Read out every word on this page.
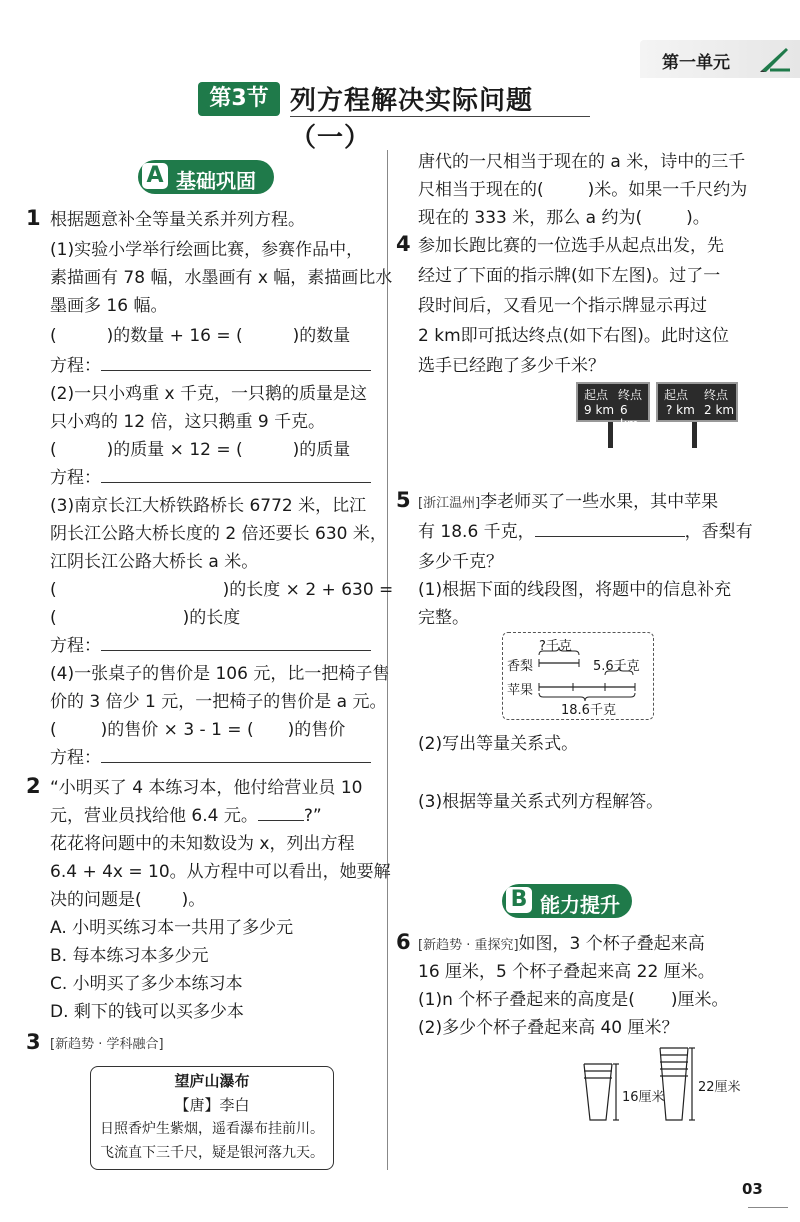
第一单元
第3节 列方程解决实际问题（一）
A 基础巩固
1 根据题意补全等量关系并列方程。
(1)实验小学举行绘画比赛，参赛作品中，
素描画有 78 幅，水墨画有 x 幅，素描画比水
墨画多 16 幅。
(	)的数量 + 16 = (	)的数量
方程：
(2)一只小鸡重 x 千克，一只鹅的质量是这
只小鸡的 12 倍，这只鹅重 9 千克。
(	)的质量 × 12 = (	)的质量
方程：
(3)南京长江大桥铁路桥长 6772 米，比江
阴长江公路大桥长度的 2 倍还要长 630 米，
江阴长江公路大桥长 a 米。
(	)的长度 × 2 + 630 =
(	)的长度
方程：
(4)一张桌子的售价是 106 元，比一把椅子售
价的 3 倍少 1 元，一把椅子的售价是 a 元。
(	)的售价 × 3 - 1 = ( )的售价
方程：
2 “小明买了 4 本练习本，他付给营业员 10
元，营业员找给他 6.4 元。	?”
花花将问题中的未知数设为 x，列出方程
6.4 + 4x = 10。从方程中可以看出，她要解
决的问题是( )。
A. 小明买练习本一共用了多少元
B. 每本练习本多少元
C. 小明买了多少本练习本
D. 剩下的钱可以买多少本
3 [新趋势 · 学科融合]
望庐山瀑布
【唐】李白
日照香炉生紫烟，遥看瀑布挂前川。
飞流直下三千尺，疑是银河落九天。
唐代的一尺相当于现在的 a 米，诗中的三千
尺相当于现在的(	)米。如果一千尺约为
现在的 333 米，那么 a 约为(	)。
4 参加长跑比赛的一位选手从起点出发，先
经过了下面的指示牌(如下左图)。过了一
段时间后，又看见一个指示牌显示再过
2 km即可抵达终点(如下右图)。此时这位
选手已经跑了多少千米？
起点 终点
9 km 6 km
起点 终点
? km 2 km
5 [浙江温州]李老师买了一些水果，其中苹果
有 18.6 千克，	，香梨有
多少千克？
(1)根据下面的线段图，将题中的信息补充
完整。
?千克
香梨	5.6千克
苹果
18.6千克
(2)写出等量关系式。
(3)根据等量关系式列方程解答。
B 能力提升
6 [新趋势 · 重探究]如图，3 个杯子叠起来高
16 厘米，5 个杯子叠起来高 22 厘米。
(1)n 个杯子叠起来的高度是( )厘米。
(2)多少个杯子叠起来高 40 厘米？
16厘米
22厘米
03
